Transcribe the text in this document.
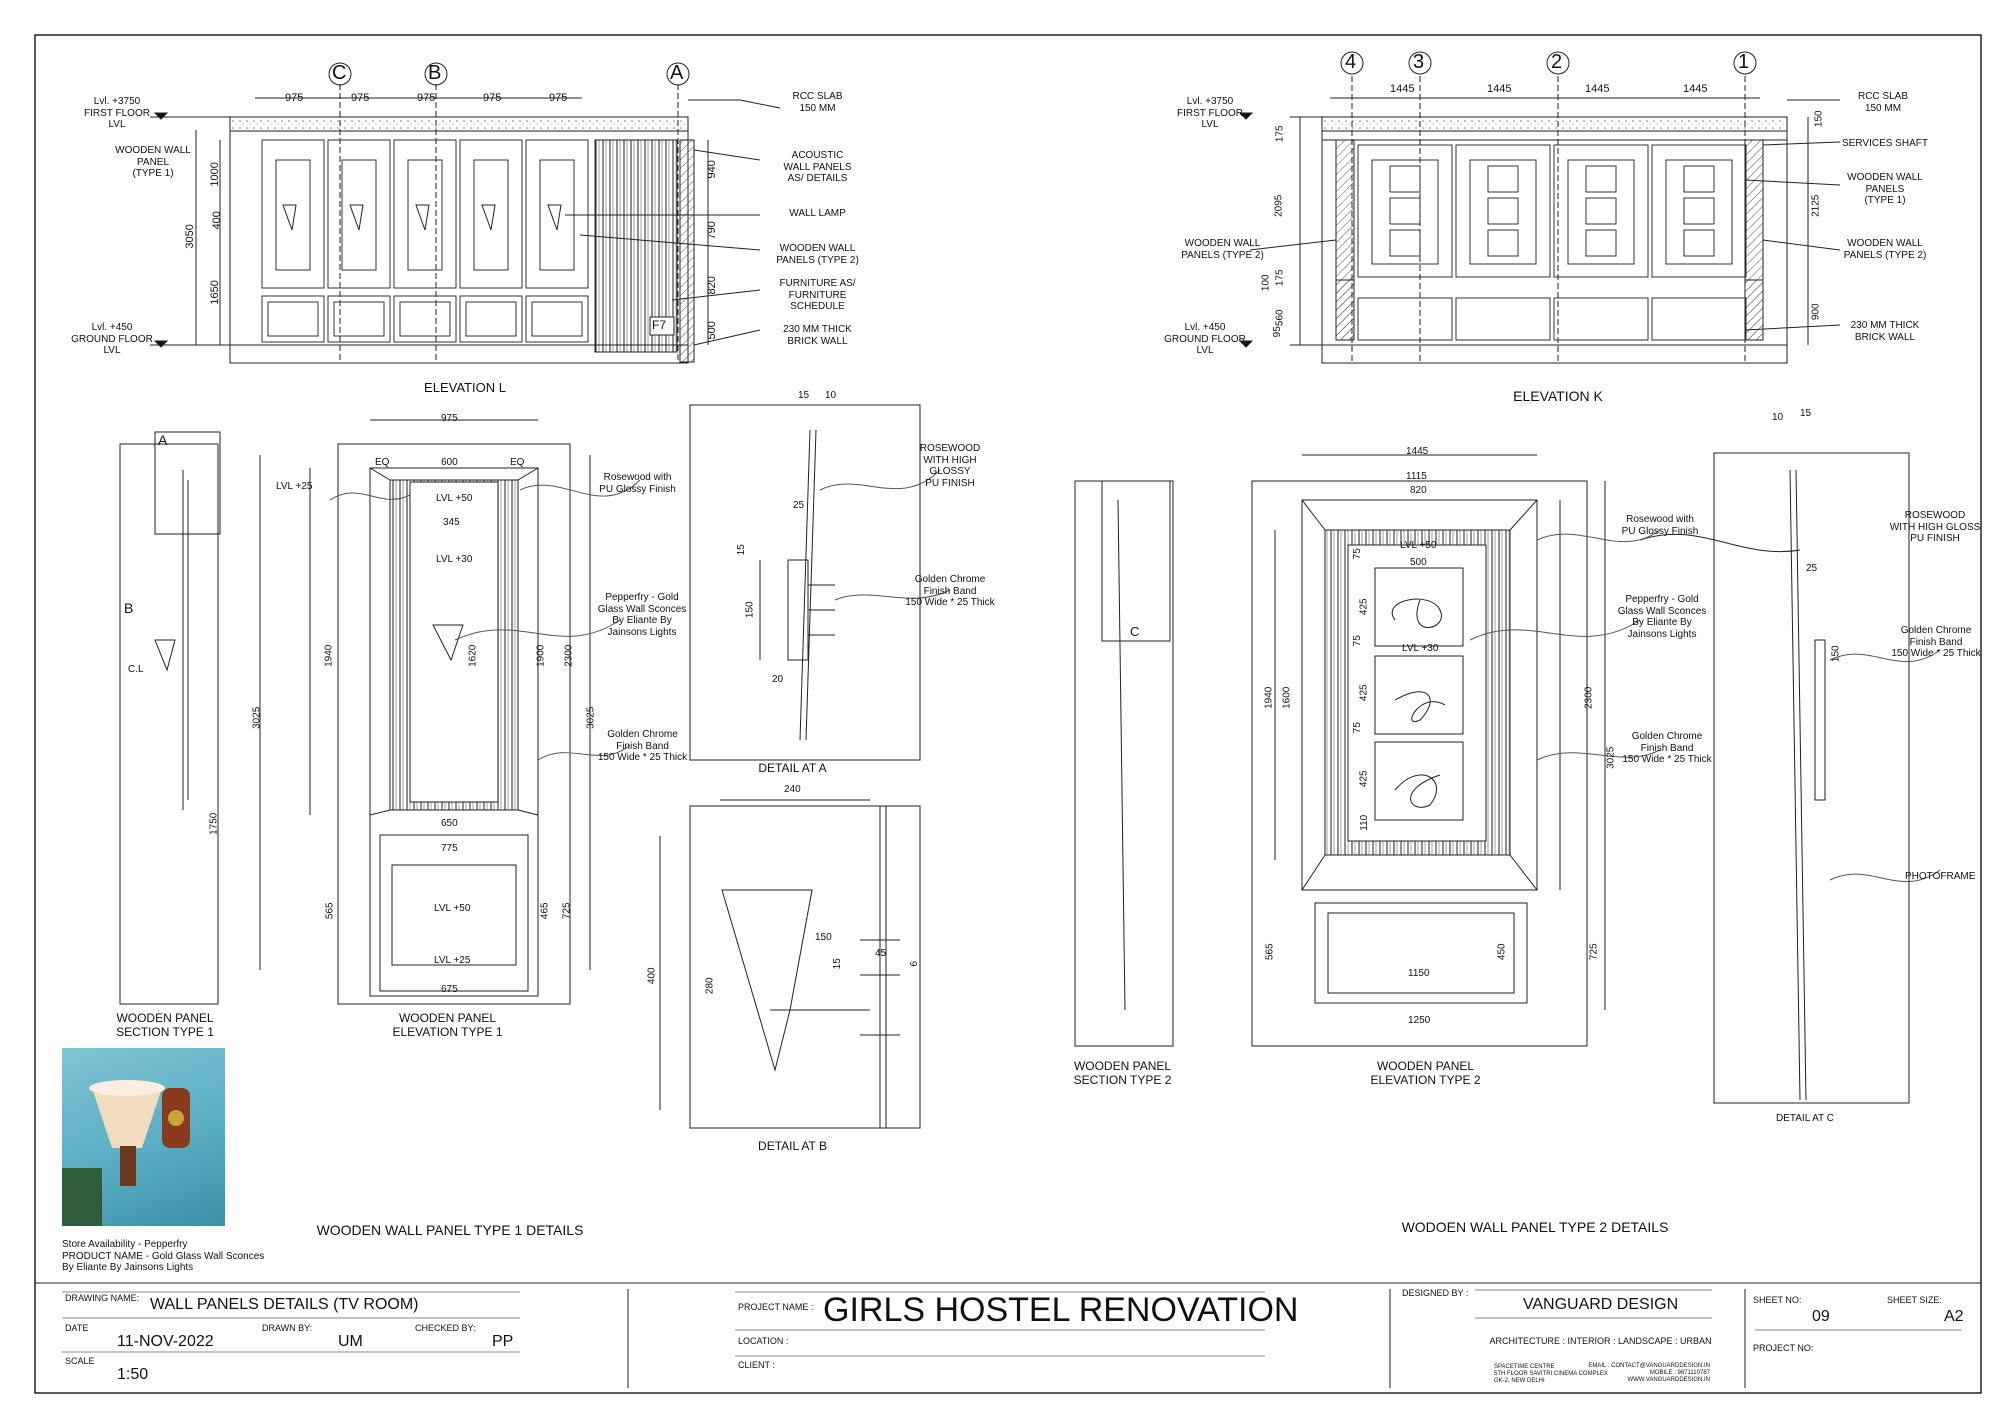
C	B	A
975	975	975	975	975
Lvl. +3750
FIRST FLOOR
LVL
Lvl. +450
GROUND FLOOR
LVL
WOODEN WALL
PANEL
(TYPE 1)
3050
1000
400
1650
940
790
820
500
RCC SLAB
150 MM
ACOUSTIC
WALL PANELS
AS/ DETAILS
WALL LAMP
WOODEN WALL
PANELS (TYPE 2)
FURNITURE AS/
FURNITURE
SCHEDULE
230 MM THICK
BRICK WALL
F7
ELEVATION L
4	3	2	1
1445	1445	1445	1445
Lvl. +3750
FIRST FLOOR
LVL
Lvl. +450
GROUND FLOOR
LVL
WOODEN WALL
PANELS (TYPE 2)
175
2095
175
100
560
95
150
2125
900
RCC SLAB
150 MM
SERVICES SHAFT
WOODEN WALL
PANELS
(TYPE 1)
WOODEN WALL
PANELS (TYPE 2)
230 MM THICK
BRICK WALL
ELEVATION K
A
B
C.L
3025
1750
WOODEN PANEL
SECTION TYPE 1
975
EQ	600	EQ
LVL +25
LVL +50
345
LVL +30
1940	1620	1900 2300
3025
650
775
565	LVL +50	465 725
LVL +25
675
Rosewood with
PU Glossy Finish
Pepperfry - Gold
Glass Wall Sconces
By Eliante By
Jainsons Lights
Golden Chrome
Finish Band
150 Wide * 25 Thick
WOODEN PANEL
ELEVATION TYPE 1
15 10
25
15
150
20
ROSEWOOD
WITH HIGH
GLOSSY
PU FINISH
Golden Chrome
Finish Band
150 Wide * 25 Thick
DETAIL AT A
240
400
280
150
15
45
6
DETAIL AT B
WOODEN WALL PANEL TYPE 1 DETAILS
C
WOODEN PANEL
SECTION TYPE 2
1445
1115
820
LVL +50
500
75
425
75
LVL +30
425
75
425
110
1940 1600	2300
3025
565	450	725
1150
1250
Rosewood with
PU Glossy Finish
Pepperfry - Gold
Glass Wall Sconces
By Eliante By
Jainsons Lights
Golden Chrome
Finish Band
150 Wide * 25 Thick
WOODEN PANEL
ELEVATION TYPE 2
10 15
ROSEWOOD
WITH HIGH GLOSS
PU FINISH
25
150
Golden Chrome
Finish Band
150 Wide * 25 Thick
PHOTOFRAME
DETAIL AT C
WODOEN WALL PANEL TYPE 2 DETAILS
Store Availability - Pepperfry
PRODUCT NAME - Gold Glass Wall Sconces
By Eliante By Jainsons Lights
DRAWING NAME: WALL PANELS DETAILS (TV ROOM)
DATE
11-NOV-2022
DRAWN BY:
UM
CHECKED BY:
PP
SCALE
1:50
PROJECT NAME : GIRLS HOSTEL RENOVATION
LOCATION :
CLIENT :
DESIGNED BY :
VANGUARD DESIGN
ARCHITECTURE : INTERIOR : LANDSCAPE : URBAN
SPACETIME CENTRE
5TH FLOOR SAVITRI CINEMA COMPLEX
GK-2, NEW DELHI
EMAIL : CONTACT@VANGUARDDESIGN.IN
MOBILE : 9871110787
WWW.VANGUARDDESIGN.IN
SHEET NO:
09
SHEET SIZE:
A2
PROJECT NO:
